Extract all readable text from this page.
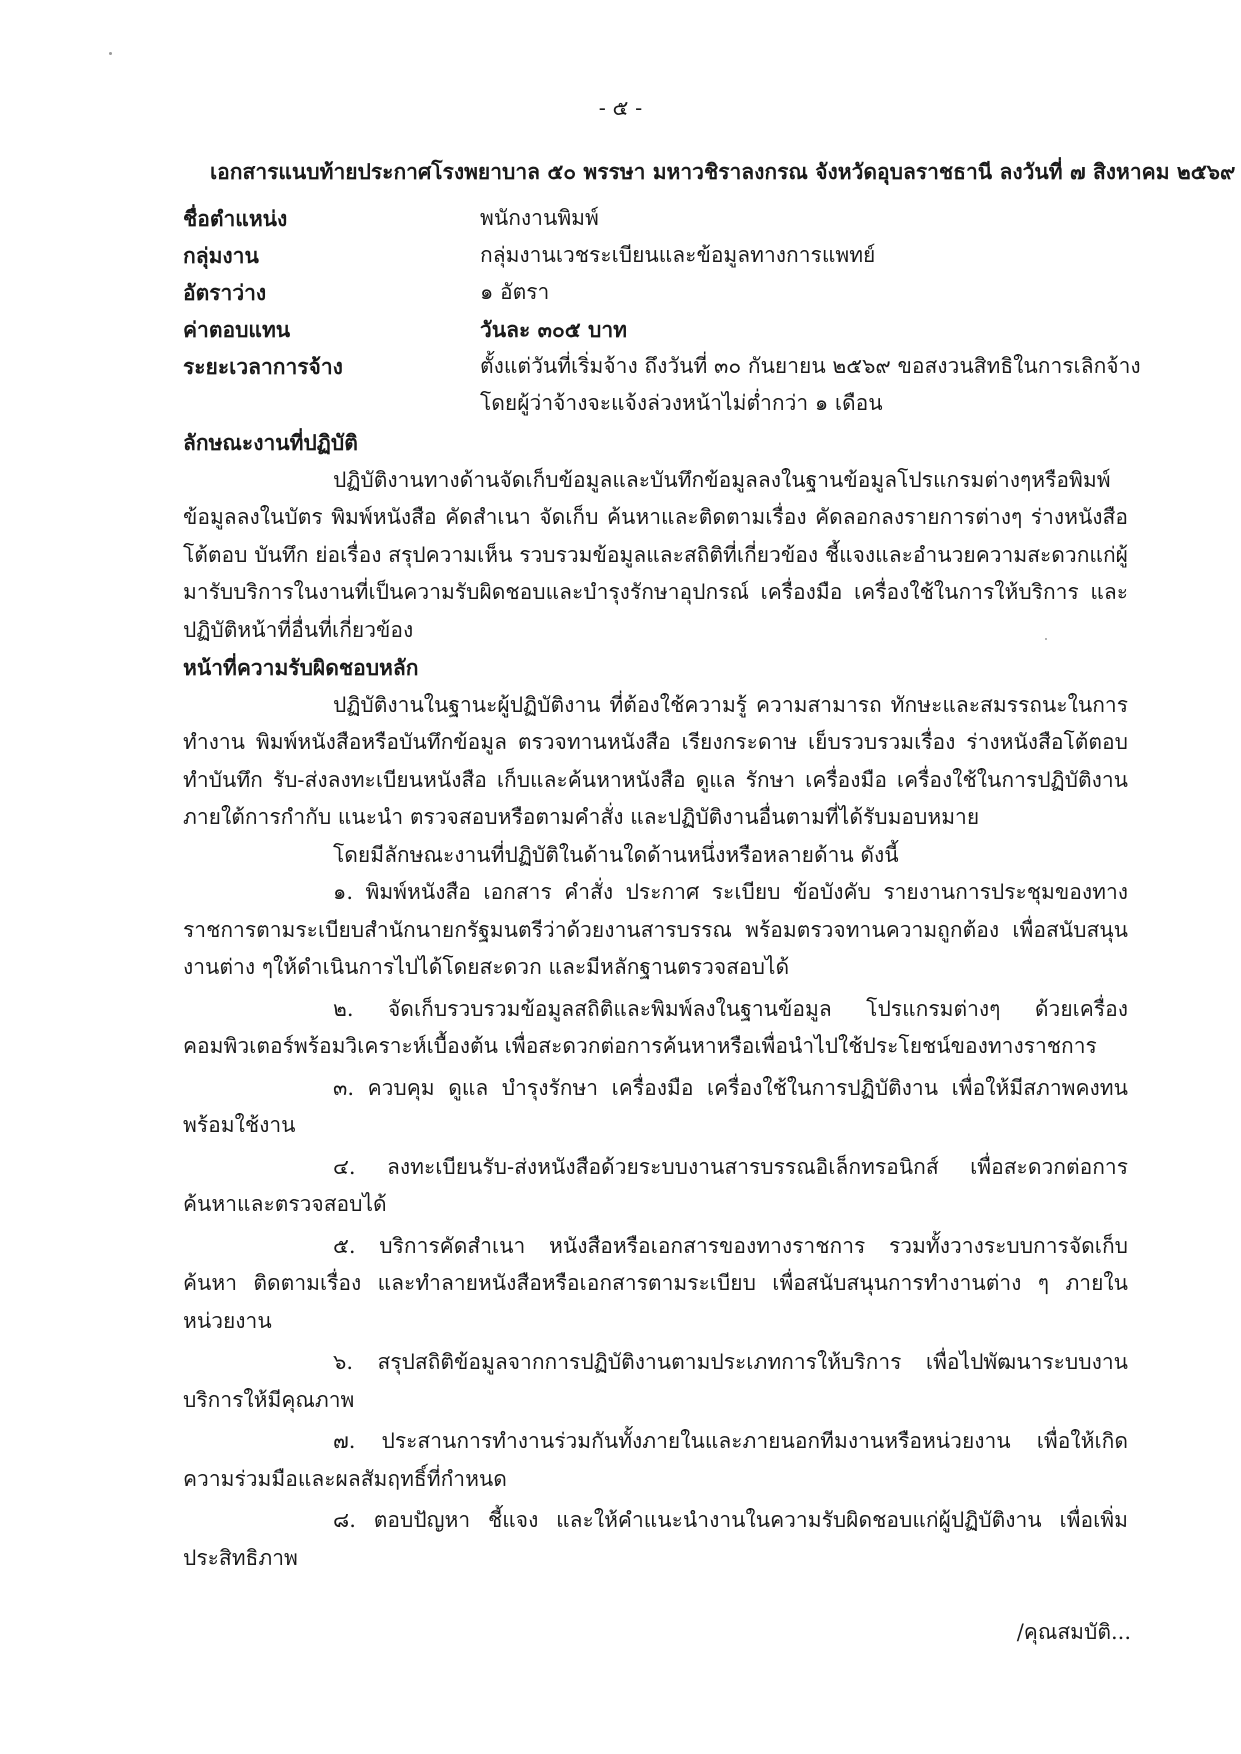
- ๕ -
เอกสารแนบท้ายประกาศโรงพยาบาล ๕๐ พรรษา มหาวชิราลงกรณ จังหวัดอุบลราชธานี ลงวันที่ ๗ สิงหาคม ๒๕๖๙
ชื่อตำแหน่ง	พนักงานพิมพ์
กลุ่มงาน	กลุ่มงานเวชระเบียนและข้อมูลทางการแพทย์
อัตราว่าง	๑ อัตรา
ค่าตอบแทน	วันละ ๓๐๕ บาท
ระยะเวลาการจ้าง	ตั้งแต่วันที่เริ่มจ้าง ถึงวันที่ ๓๐ กันยายน ๒๕๖๙ ขอสงวนสิทธิในการเลิกจ้าง โดยผู้ว่าจ้างจะแจ้งล่วงหน้าไม่ต่ำกว่า ๑ เดือน
ลักษณะงานที่ปฏิบัติ

ปฏิบัติงานทางด้านจัดเก็บข้อมูลและบันทึกข้อมูลลงในฐานข้อมูลโปรแกรมต่างๆหรือพิมพ์ข้อมูลลงในบัตร พิมพ์หนังสือ คัดสำเนา จัดเก็บ ค้นหาและติดตามเรื่อง คัดลอกลงรายการต่างๆ ร่างหนังสือโต้ตอบ บันทึก ย่อเรื่อง สรุปความเห็น รวบรวมข้อมูลและสถิติที่เกี่ยวข้อง ชี้แจงและอำนวยความสะดวกแก่ผู้มารับบริการในงานที่เป็นความรับผิดชอบและบำรุงรักษาอุปกรณ์ เครื่องมือ เครื่องใช้ในการให้บริการ และปฏิบัติหน้าที่อื่นที่เกี่ยวข้อง

หน้าที่ความรับผิดชอบหลัก

ปฏิบัติงานในฐานะผู้ปฏิบัติงาน ที่ต้องใช้ความรู้ ความสามารถ ทักษะและสมรรถนะในการทำงาน พิมพ์หนังสือหรือบันทึกข้อมูล ตรวจทานหนังสือ เรียงกระดาษ เย็บรวบรวมเรื่อง ร่างหนังสือโต้ตอบทำบันทึก รับ-ส่งลงทะเบียนหนังสือ เก็บและค้นหาหนังสือ ดูแล รักษา เครื่องมือ เครื่องใช้ในการปฏิบัติงาน ภายใต้การกำกับ แนะนำ ตรวจสอบหรือตามคำสั่ง และปฏิบัติงานอื่นตามที่ได้รับมอบหมาย

โดยมีลักษณะงานที่ปฏิบัติในด้านใดด้านหนึ่งหรือหลายด้าน ดังนี้

๑. พิมพ์หนังสือ เอกสาร คำสั่ง ประกาศ ระเบียบ ข้อบังคับ รายงานการประชุมของทางราชการตามระเบียบสำนักนายกรัฐมนตรีว่าด้วยงานสารบรรณ พร้อมตรวจทานความถูกต้อง เพื่อสนับสนุนงานต่าง ๆให้ดำเนินการไปได้โดยสะดวก และมีหลักฐานตรวจสอบได้

๒. จัดเก็บรวบรวมข้อมูลสถิติและพิมพ์ลงในฐานข้อมูล โปรแกรมต่างๆ ด้วยเครื่องคอมพิวเตอร์พร้อมวิเคราะห์เบื้องต้น เพื่อสะดวกต่อการค้นหาหรือเพื่อนำไปใช้ประโยชน์ของทางราชการ

๓. ควบคุม ดูแล บำรุงรักษา เครื่องมือ เครื่องใช้ในการปฏิบัติงาน เพื่อให้มีสภาพคงทนพร้อมใช้งาน

๔. ลงทะเบียนรับ-ส่งหนังสือด้วยระบบงานสารบรรณอิเล็กทรอนิกส์ เพื่อสะดวกต่อการค้นหาและตรวจสอบได้

๕. บริการคัดสำเนา หนังสือหรือเอกสารของทางราชการ รวมทั้งวางระบบการจัดเก็บ ค้นหา ติดตามเรื่อง และทำลายหนังสือหรือเอกสารตามระเบียบ เพื่อสนับสนุนการทำงานต่าง ๆ ภายในหน่วยงาน

๖. สรุปสถิติข้อมูลจากการปฏิบัติงานตามประเภทการให้บริการ เพื่อไปพัฒนาระบบงานบริการให้มีคุณภาพ

๗. ประสานการทำงานร่วมกันทั้งภายในและภายนอกทีมงานหรือหน่วยงาน เพื่อให้เกิดความร่วมมือและผลสัมฤทธิ์ที่กำหนด

๘. ตอบปัญหา ชี้แจง และให้คำแนะนำงานในความรับผิดชอบแก่ผู้ปฏิบัติงาน เพื่อเพิ่มประสิทธิภาพ

/คุณสมบัติ...
